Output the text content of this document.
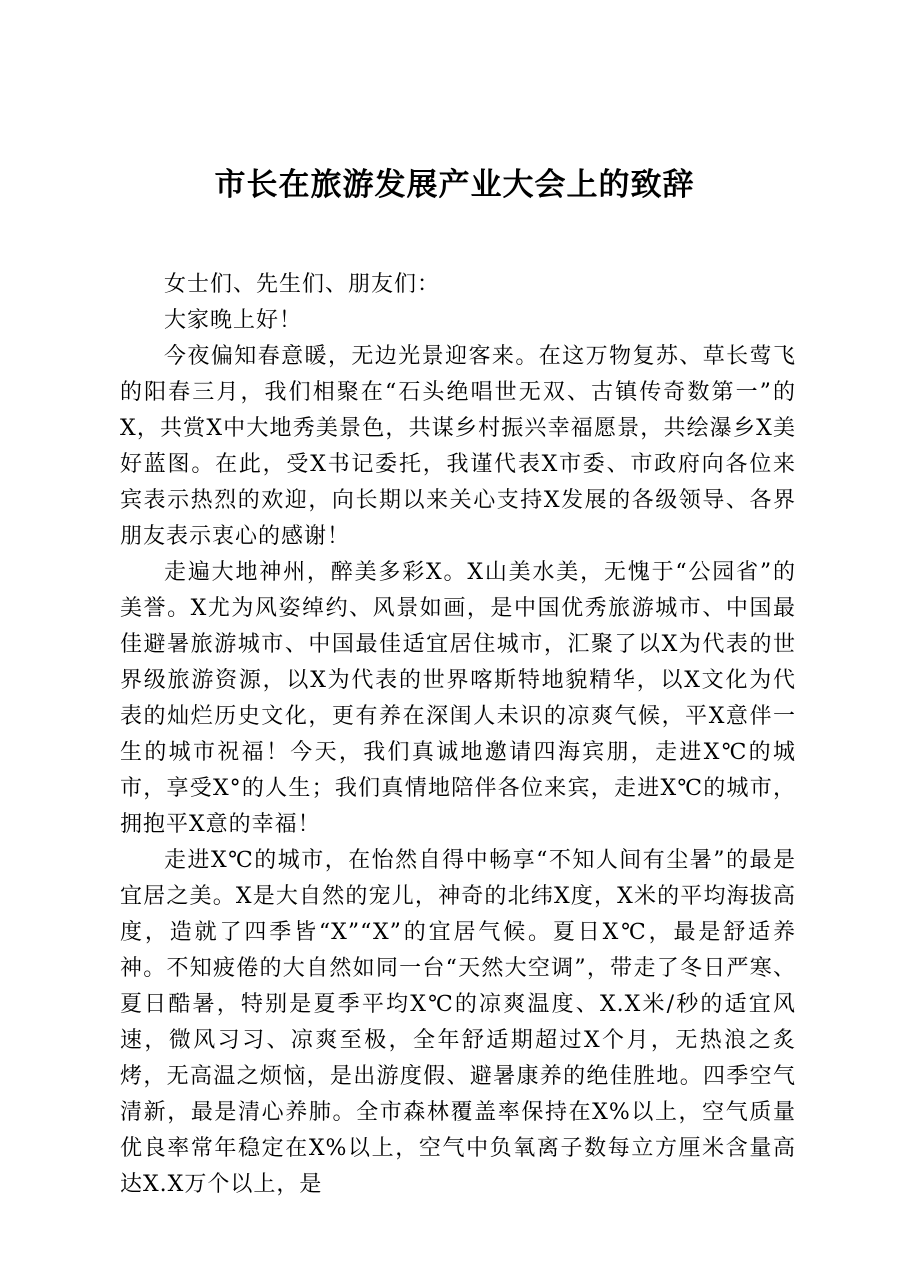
市长在旅游发展产业大会上的致辞

女士们、先生们、朋友们：

大家晚上好！

今夜偏知春意暖，无边光景迎客来。在这万物复苏、草长莺飞的阳春三月，我们相聚在“石头绝唱世无双、古镇传奇数第一”的X，共赏X中大地秀美景色，共谋乡村振兴幸福愿景，共绘瀑乡X美好蓝图。在此，受X书记委托，我谨代表X市委、市政府向各位来宾表示热烈的欢迎，向长期以来关心支持X发展的各级领导、各界朋友表示衷心的感谢！

走遍大地神州，醉美多彩X。X山美水美，无愧于“公园省”的美誉。X尤为风姿绰约、风景如画，是中国优秀旅游城市、中国最佳避暑旅游城市、中国最佳适宜居住城市，汇聚了以X为代表的世界级旅游资源，以X为代表的世界喀斯特地貌精华，以X文化为代表的灿烂历史文化，更有养在深闺人未识的凉爽气候，平X意伴一生的城市祝福！今天，我们真诚地邀请四海宾朋，走进X℃的城市，享受X°的人生；我们真情地陪伴各位来宾，走进X℃的城市，拥抱平X意的幸福！

走进X℃的城市，在怡然自得中畅享“不知人间有尘暑”的最是宜居之美。X是大自然的宠儿，神奇的北纬X度，X米的平均海拔高度，造就了四季皆“X”“X”的宜居气候。夏日X℃，最是舒适养神。不知疲倦的大自然如同一台“天然大空调”，带走了冬日严寒、夏日酷暑，特别是夏季平均X℃的凉爽温度、X.X米/秒的适宜风速，微风习习、凉爽至极，全年舒适期超过X个月，无热浪之炙烤，无高温之烦恼，是出游度假、避暑康养的绝佳胜地。四季空气清新，最是清心养肺。全市森林覆盖率保持在X%以上，空气质量优良率常年稳定在X%以上，空气中负氧离子数每立方厘米含量高达X.X万个以上，是
